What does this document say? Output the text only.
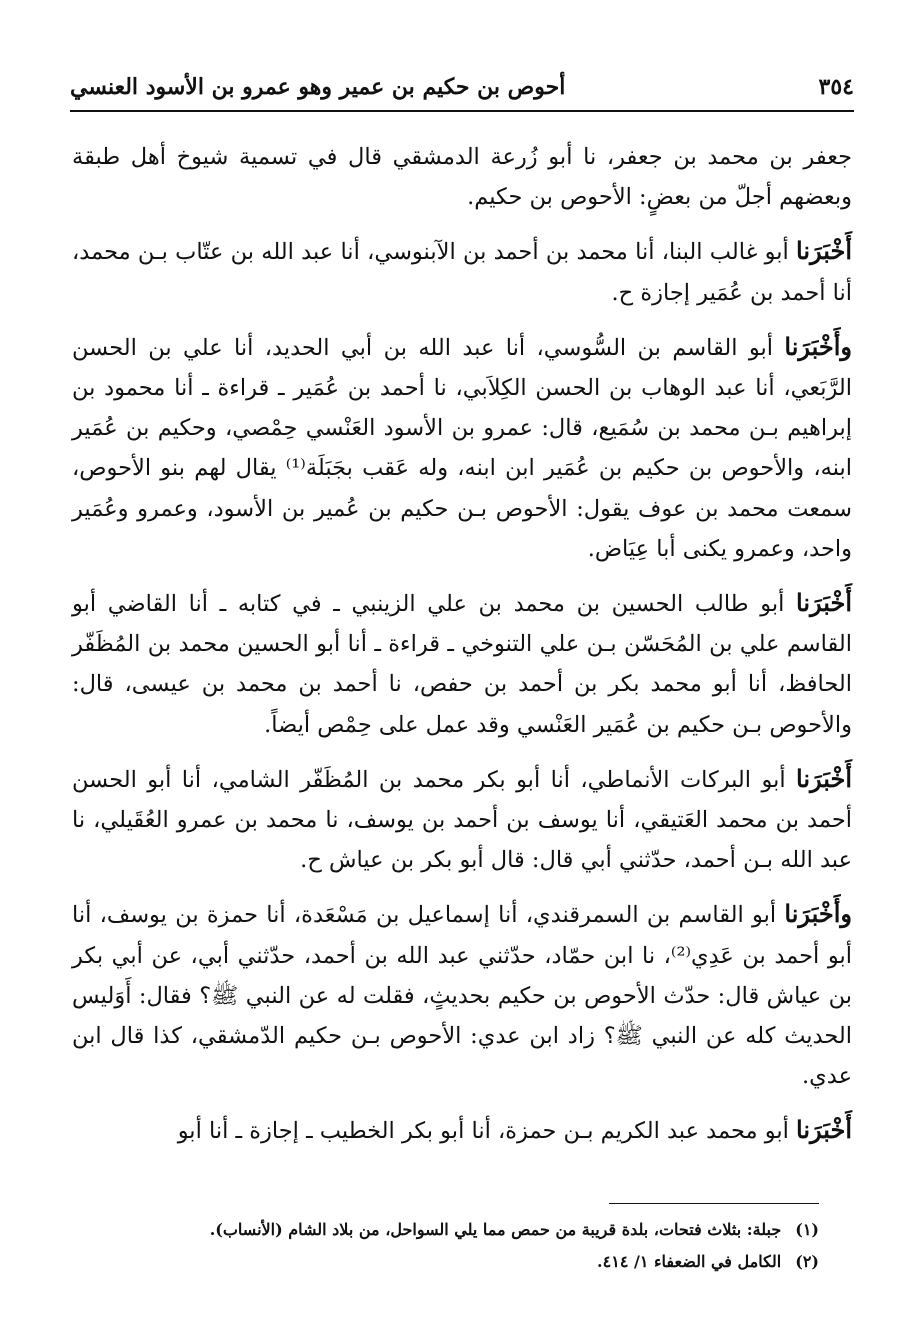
٣٥٤
أحوص بن حكيم بن عمير وهو عمرو بن الأسود العنسي

جعفر بن محمد بن جعفر، نا أبو زُرعة الدمشقي قال في تسمية شيوخ أهل طبقة وبعضهم أجلّ من بعضٍ: الأحوص بن حكيم.

أَخْبَرَنا أبو غالب البنا، أنا محمد بن أحمد بن الآبنوسي، أنا عبد الله بن عتّاب بـن محمد، أنا أحمد بن عُمَير إجازة ح.

وأَخْبَرَنا أبو القاسم بن السُّوسي، أنا عبد الله بن أبي الحديد، أنا علي بن الحسن الرَّبَعي، أنا عبد الوهاب بن الحسن الكِلاَبي، نا أحمد بن عُمَير ـ قراءة ـ أنا محمود بن إبراهيم بـن محمد بن سُمَيع، قال: عمرو بن الأسود العَنْسي حِمْصي، وحكيم بن عُمَير ابنه، والأحوص بن حكيم بن عُمَير ابن ابنه، وله عَقب بجَبَلَة⁽¹⁾ يقال لهم بنو الأحوص، سمعت محمد بن عوف يقول: الأحوص بـن حكيم بن عُمير بن الأسود، وعمرو وعُمَير واحد، وعمرو يكنى أبا عِيَاض.

أَخْبَرَنا أبو طالب الحسين بن محمد بن علي الزينبي ـ في كتابه ـ أنا القاضي أبو القاسم علي بن المُحَسّن بـن علي التنوخي ـ قراءة ـ أنا أبو الحسين محمد بن المُظَفّر الحافظ، أنا أبو محمد بكر بن أحمد بن حفص، نا أحمد بن محمد بن عيسى، قال: والأحوص بـن حكيم بن عُمَير العَنْسي وقد عمل على حِمْص أيضاً.

أَخْبَرَنا أبو البركات الأنماطي، أنا أبو بكر محمد بن المُظَفّر الشامي، أنا أبو الحسن أحمد بن محمد العَتيقي، أنا يوسف بن أحمد بن يوسف، نا محمد بن عمرو العُقَيلي، نا عبد الله بـن أحمد، حدّثني أبي قال: قال أبو بكر بن عياش ح.

وأَخْبَرَنا أبو القاسم بن السمرقندي، أنا إسماعيل بن مَسْعَدة، أنا حمزة بن يوسف، أنا أبو أحمد بن عَدِي⁽²⁾، نا ابن حمّاد، حدّثني عبد الله بن أحمد، حدّثني أبي، عن أبي بكر بن عياش قال: حدّث الأحوص بن حكيم بحديثٍ، فقلت له عن النبي ﷺ؟ فقال: أَوَليس الحديث كله عن النبي ﷺ؟ زاد ابن عدي: الأحوص بـن حكيم الدّمشقي، كذا قال ابن عدي.

أَخْبَرَنا أبو محمد عبد الكريم بـن حمزة، أنا أبو بكر الخطيب ـ إجازة ـ أنا أبو

(١)
جبلة: بثلاث فتحات، بلدة قريبة من حمص مما يلي السواحل، من بلاد الشام (الأنساب).
(٢)
الكامل في الضعفاء ١/ ٤١٤.
